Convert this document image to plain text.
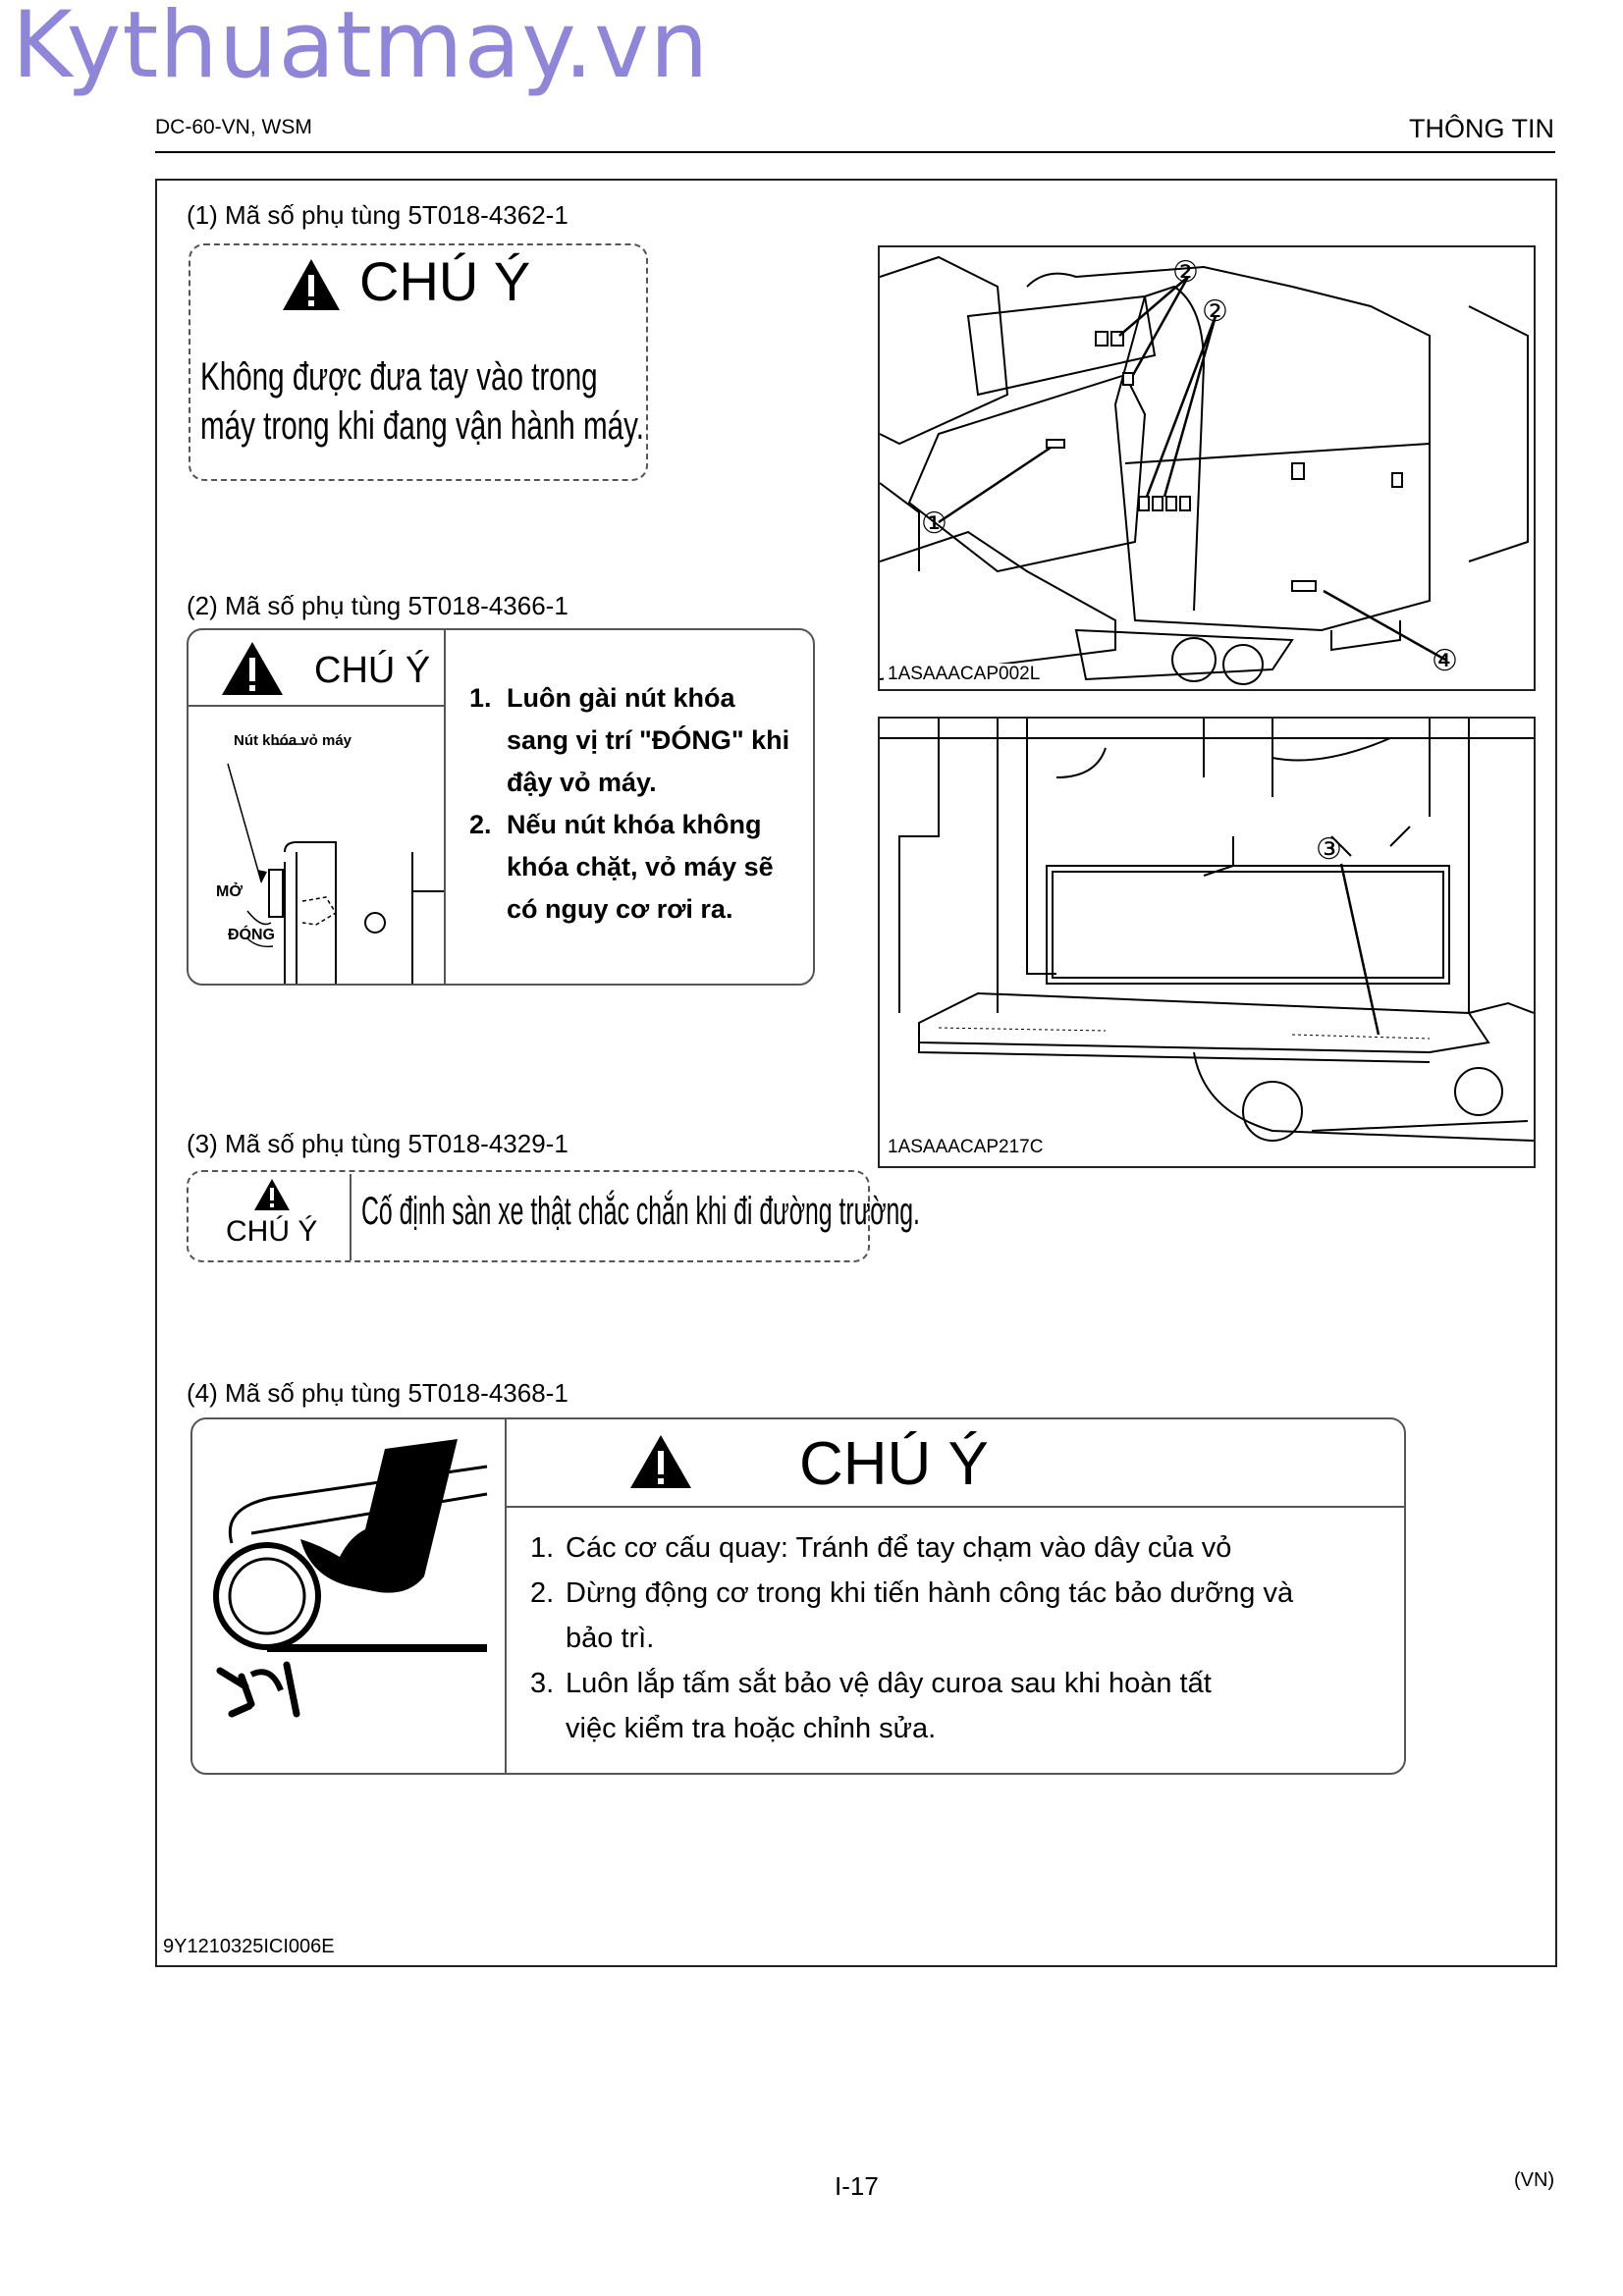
Kythuatmay.vn
DC-60-VN, WSM	THÔNG TIN
(1) Mã số phụ tùng 5T018-4362-1
CHÚ Ý
Không được đưa tay vào trong
máy trong khi đang vận hành máy.
(2) Mã số phụ tùng 5T018-4366-1
CHÚ Ý
Nút khóa vỏ máy
MỞ
ĐÓNG
1. Luôn gài nút khóa
sang vị trí "ĐÓNG" khi
đậy vỏ máy.
2. Nếu nút khóa không
khóa chặt, vỏ máy sẽ
có nguy cơ rơi ra.
(3) Mã số phụ tùng 5T018-4329-1
CHÚ Ý Cố định sàn xe thật chắc chắn khi đi đường trường.
(4) Mã số phụ tùng 5T018-4368-1
CHÚ Ý
1. Các cơ cấu quay: Tránh để tay chạm vào dây của vỏ
2. Dừng động cơ trong khi tiến hành công tác bảo dưỡng và
bảo trì.
3. Luôn lắp tấm sắt bảo vệ dây curoa sau khi hoàn tất
việc kiểm tra hoặc chỉnh sửa.
②
②
①
④
1ASAAACAP002L
③
1ASAAACAP217C
9Y1210325ICI006E
I-17	(VN)
